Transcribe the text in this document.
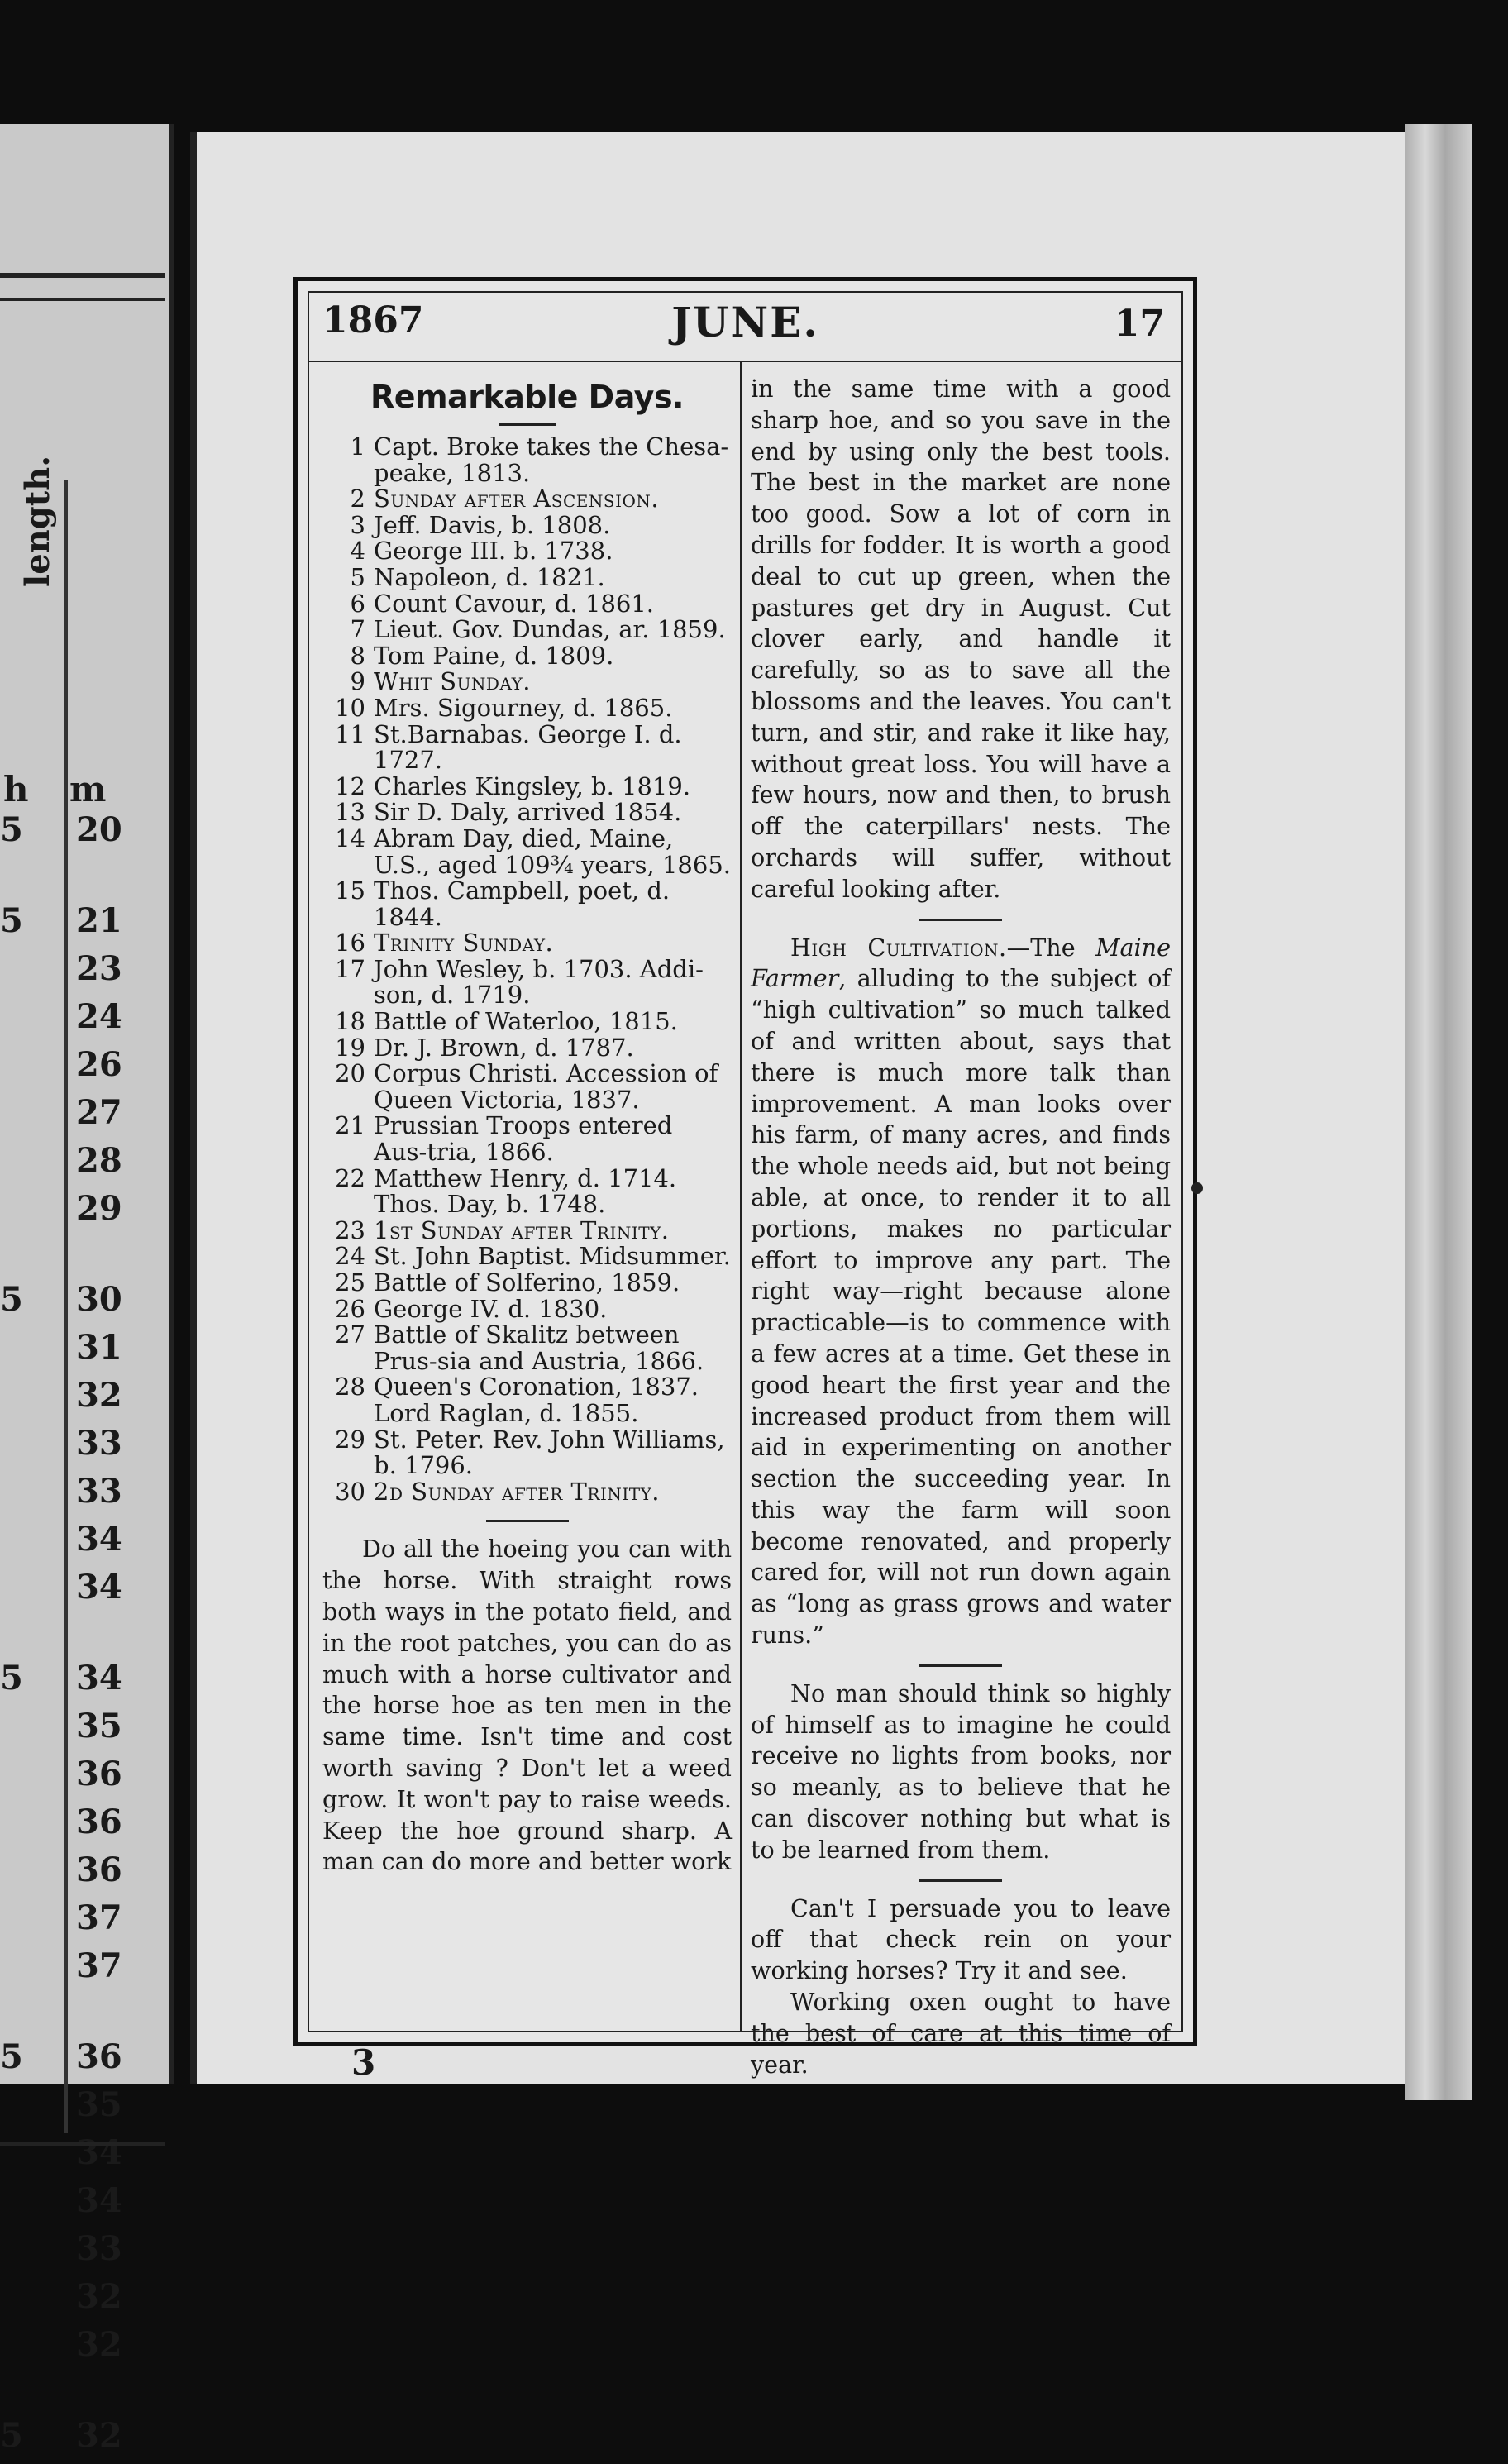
length.
h m
5 20
5 21
23
24
26
27
28
29
5 30
31
32
33
33
34
34
5 34
35
36
36
36
37
37
5 36
35
34
34
33
32
32
5 32
1867	JUNE.	17
Remarkable Days.
1 Capt. Broke takes the Chesa-peake, 1813.
2 Sunday after Ascension.
3 Jeff. Davis, b. 1808.
4 George III. b. 1738.
5 Napoleon, d. 1821.
6 Count Cavour, d. 1861.
7 Lieut. Gov. Dundas, ar. 1859.
8 Tom Paine, d. 1809.
9 Whit Sunday.
10 Mrs. Sigourney, d. 1865.
11 St.Barnabas. George I. d. 1727.
12 Charles Kingsley, b. 1819.
13 Sir D. Daly, arrived 1854.
14 Abram Day, died, Maine, U.S., aged 109¾ years, 1865.
15 Thos. Campbell, poet, d. 1844.
16 Trinity Sunday.
17 John Wesley, b. 1703. Addi-son, d. 1719.
18 Battle of Waterloo, 1815.
19 Dr. J. Brown, d. 1787.
20 Corpus Christi. Accession of Queen Victoria, 1837.
21 Prussian Troops entered Aus-tria, 1866.
22 Matthew Henry, d. 1714. Thos. Day, b. 1748.
23 1st Sunday after Trinity.
24 St. John Baptist. Midsummer.
25 Battle of Solferino, 1859.
26 George IV. d. 1830.
27 Battle of Skalitz between Prus-sia and Austria, 1866.
28 Queen's Coronation, 1837. Lord Raglan, d. 1855.
29 St. Peter. Rev. John Williams, b. 1796.
30 2d Sunday after Trinity.

Do all the hoeing you can with the horse. With straight rows both ways in the potato field, and in the root patches, you can do as much with a horse cultivator and the horse hoe as ten men in the same time. Isn't time and cost worth saving ? Don't let a weed grow. It won't pay to raise weeds. Keep the hoe ground sharp. A man can do more and better work

in the same time with a good sharp hoe, and so you save in the end by using only the best tools. The best in the market are none too good. Sow a lot of corn in drills for fodder. It is worth a good deal to cut up green, when the pastures get dry in August. Cut clover early, and handle it carefully, so as to save all the blossoms and the leaves. You can't turn, and stir, and rake it like hay, without great loss. You will have a few hours, now and then, to brush off the caterpillars' nests. The orchards will suffer, without careful looking after.

High Cultivation.—The Maine Farmer, alluding to the subject of “high cultivation” so much talked of and written about, says that there is much more talk than improvement. A man looks over his farm, of many acres, and finds the whole needs aid, but not being able, at once, to render it to all portions, makes no particular effort to improve any part. The right way—right because alone practicable—is to commence with a few acres at a time. Get these in good heart the first year and the increased product from them will aid in experimenting on another section the succeeding year. In this way the farm will soon become renovated, and properly cared for, will not run down again as “long as grass grows and water runs.”

No man should think so highly of himself as to imagine he could receive no lights from books, nor so meanly, as to believe that he can discover nothing but what is to be learned from them.

Can't I persuade you to leave off that check rein on your working horses? Try it and see.

Working oxen ought to have the best of care at this time of year.

3
